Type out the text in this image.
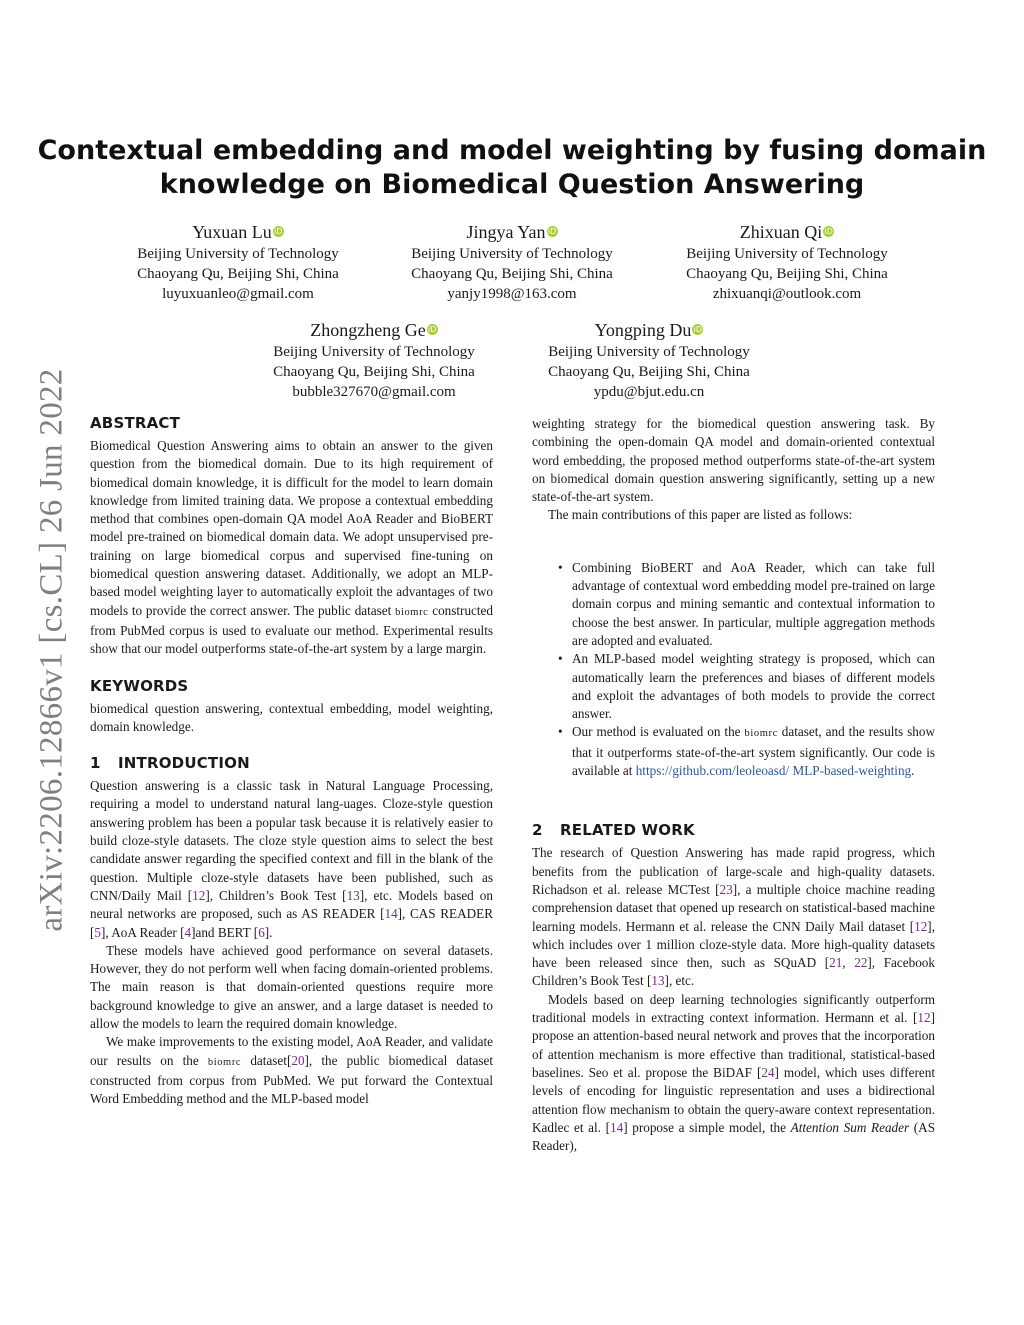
arXiv:2206.12866v1 [cs.CL] 26 Jun 2022
Contextual embedding and model weighting by fusing domain
knowledge on Biomedical Question Answering
Yuxuan Lu iD
Beijing University of Technology
Chaoyang Qu, Beijing Shi, China
luyuxuanleo@gmail.com
Jingya Yan iD
Beijing University of Technology
Chaoyang Qu, Beijing Shi, China
yanjy1998@163.com
Zhixuan Qi iD
Beijing University of Technology
Chaoyang Qu, Beijing Shi, China
zhixuanqi@outlook.com
Zhongzheng Ge iD
Beijing University of Technology
Chaoyang Qu, Beijing Shi, China
bubble327670@gmail.com
Yongping Du iD
Beijing University of Technology
Chaoyang Qu, Beijing Shi, China
ypdu@bjut.edu.cn
ABSTRACT

Biomedical Question Answering aims to obtain an answer to the given question from the biomedical domain. Due to its high requirement of biomedical domain knowledge, it is difficult for the model to learn domain knowledge from limited training data. We propose a contextual embedding method that combines open-domain QA model AoA Reader and BioBERT model pre-trained on biomedical domain data. We adopt unsupervised pre-training on large biomedical corpus and supervised fine-tuning on biomedical question answering dataset. Additionally, we adopt an MLP-based model weighting layer to automatically exploit the advantages of two models to provide the correct answer. The public dataset biomrc constructed from PubMed corpus is used to evaluate our method. Experimental results show that our model outperforms state-of-the-art system by a large margin.

KEYWORDS

biomedical question answering, contextual embedding, model weighting, domain knowledge.

1 INTRODUCTION

Question answering is a classic task in Natural Language Processing, requiring a model to understand natural lang-uages. Cloze-style question answering problem has been a popular task because it is relatively easier to build cloze-style datasets. The cloze style question aims to select the best candidate answer regarding the specified context and fill in the blank of the question. Multiple cloze-style datasets have been published, such as CNN/Daily Mail [12], Children’s Book Test [13], etc. Models based on neural networks are proposed, such as AS READER [14], CAS READER [5], AoA Reader [4]and BERT [6].

These models have achieved good performance on several datasets. However, they do not perform well when facing domain-oriented problems. The main reason is that domain-oriented questions require more background knowledge to give an answer, and a large dataset is needed to allow the models to learn the required domain knowledge.

We make improvements to the existing model, AoA Reader, and validate our results on the biomrc dataset[20], the public biomedical dataset constructed from corpus from PubMed. We put forward the Contextual Word Embedding method and the MLP-based model

weighting strategy for the biomedical question answering task. By combining the open-domain QA model and domain-oriented contextual word embedding, the proposed method outperforms state-of-the-art system on biomedical domain question answering significantly, setting up a new state-of-the-art system.

The main contributions of this paper are listed as follows:

• Combining BioBERT and AoA Reader, which can take full advantage of contextual word embedding model pre-trained on large domain corpus and mining semantic and contextual information to choose the best answer. In particular, multiple aggregation methods are adopted and evaluated.
• An MLP-based model weighting strategy is proposed, which can automatically learn the preferences and biases of different models and exploit the advantages of both models to provide the correct answer.
• Our method is evaluated on the biomrc dataset, and the results show that it outperforms state-of-the-art system significantly. Our code is available at https://github.com/leoleoasd/ MLP-based-weighting.
2 RELATED WORK

The research of Question Answering has made rapid progress, which benefits from the publication of large-scale and high-quality datasets. Richadson et al. release MCTest [23], a multiple choice machine reading comprehension dataset that opened up research on statistical-based machine learning models. Hermann et al. release the CNN Daily Mail dataset [12], which includes over 1 million cloze-style data. More high-quality datasets have been released since then, such as SQuAD [21, 22], Facebook Children’s Book Test [13], etc.

Models based on deep learning technologies significantly outperform traditional models in extracting context information. Hermann et al. [12] propose an attention-based neural network and proves that the incorporation of attention mechanism is more effective than traditional, statistical-based baselines. Seo et al. propose the BiDAF [24] model, which uses different levels of encoding for linguistic representation and uses a bidirectional attention flow mechanism to obtain the query-aware context representation. Kadlec et al. [14] propose a simple model, the Attention Sum Reader (AS Reader),
